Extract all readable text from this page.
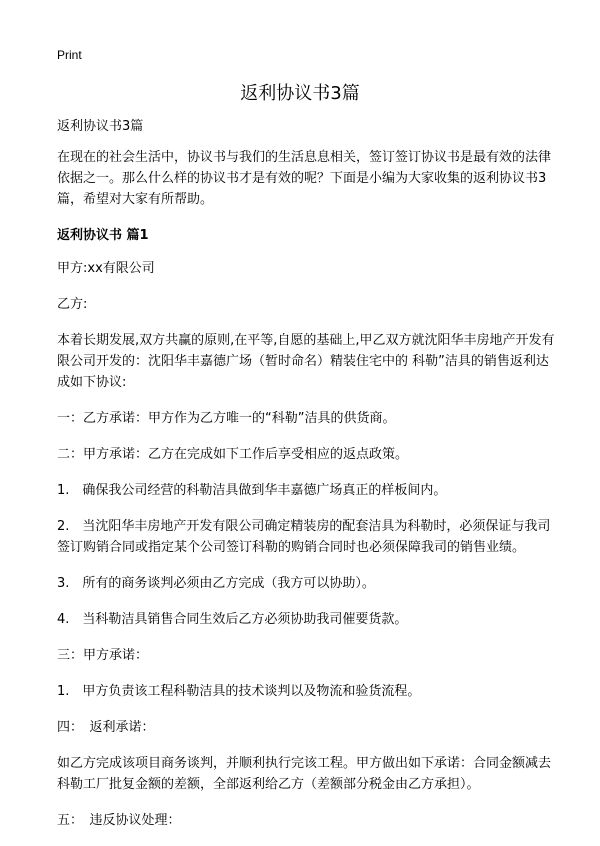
Print
返利协议书3篇

返利协议书3篇

在现在的社会生活中，协议书与我们的生活息息相关，签订签订协议书是最有效的法律依据之一。那么什么样的协议书才是有效的呢？下面是小编为大家收集的返利协议书3篇，希望对大家有所帮助。

返利协议书 篇1

甲方:xx有限公司

乙方:

本着长期发展,双方共赢的原则,在平等,自愿的基础上,甲乙双方就沈阳华丰房地产开发有限公司开发的：沈阳华丰嘉德广场（暂时命名）精装住宅中的 科勒”洁具的销售返利达成如下协议:

一：乙方承诺：甲方作为乙方唯一的“科勒”洁具的供货商。

二：甲方承诺：乙方在完成如下工作后享受相应的返点政策。

1.　确保我公司经营的科勒洁具做到华丰嘉德广场真正的样板间内。

2.　当沈阳华丰房地产开发有限公司确定精装房的配套洁具为科勒时，必须保证与我司签订购销合同或指定某个公司签订科勒的购销合同时也必须保障我司的销售业绩。

3.　所有的商务谈判必须由乙方完成（我方可以协助）。

4.　当科勒洁具销售合同生效后乙方必须协助我司催要货款。

三：甲方承诺：

1.　甲方负责该工程科勒洁具的技术谈判以及物流和验货流程。

四：　返利承诺：

如乙方完成该项目商务谈判，并顺利执行完该工程。甲方做出如下承诺：合同金额减去科勒工厂批复金额的差额，全部返利给乙方（差额部分税金由乙方承担）。

五：　违反协议处理：
